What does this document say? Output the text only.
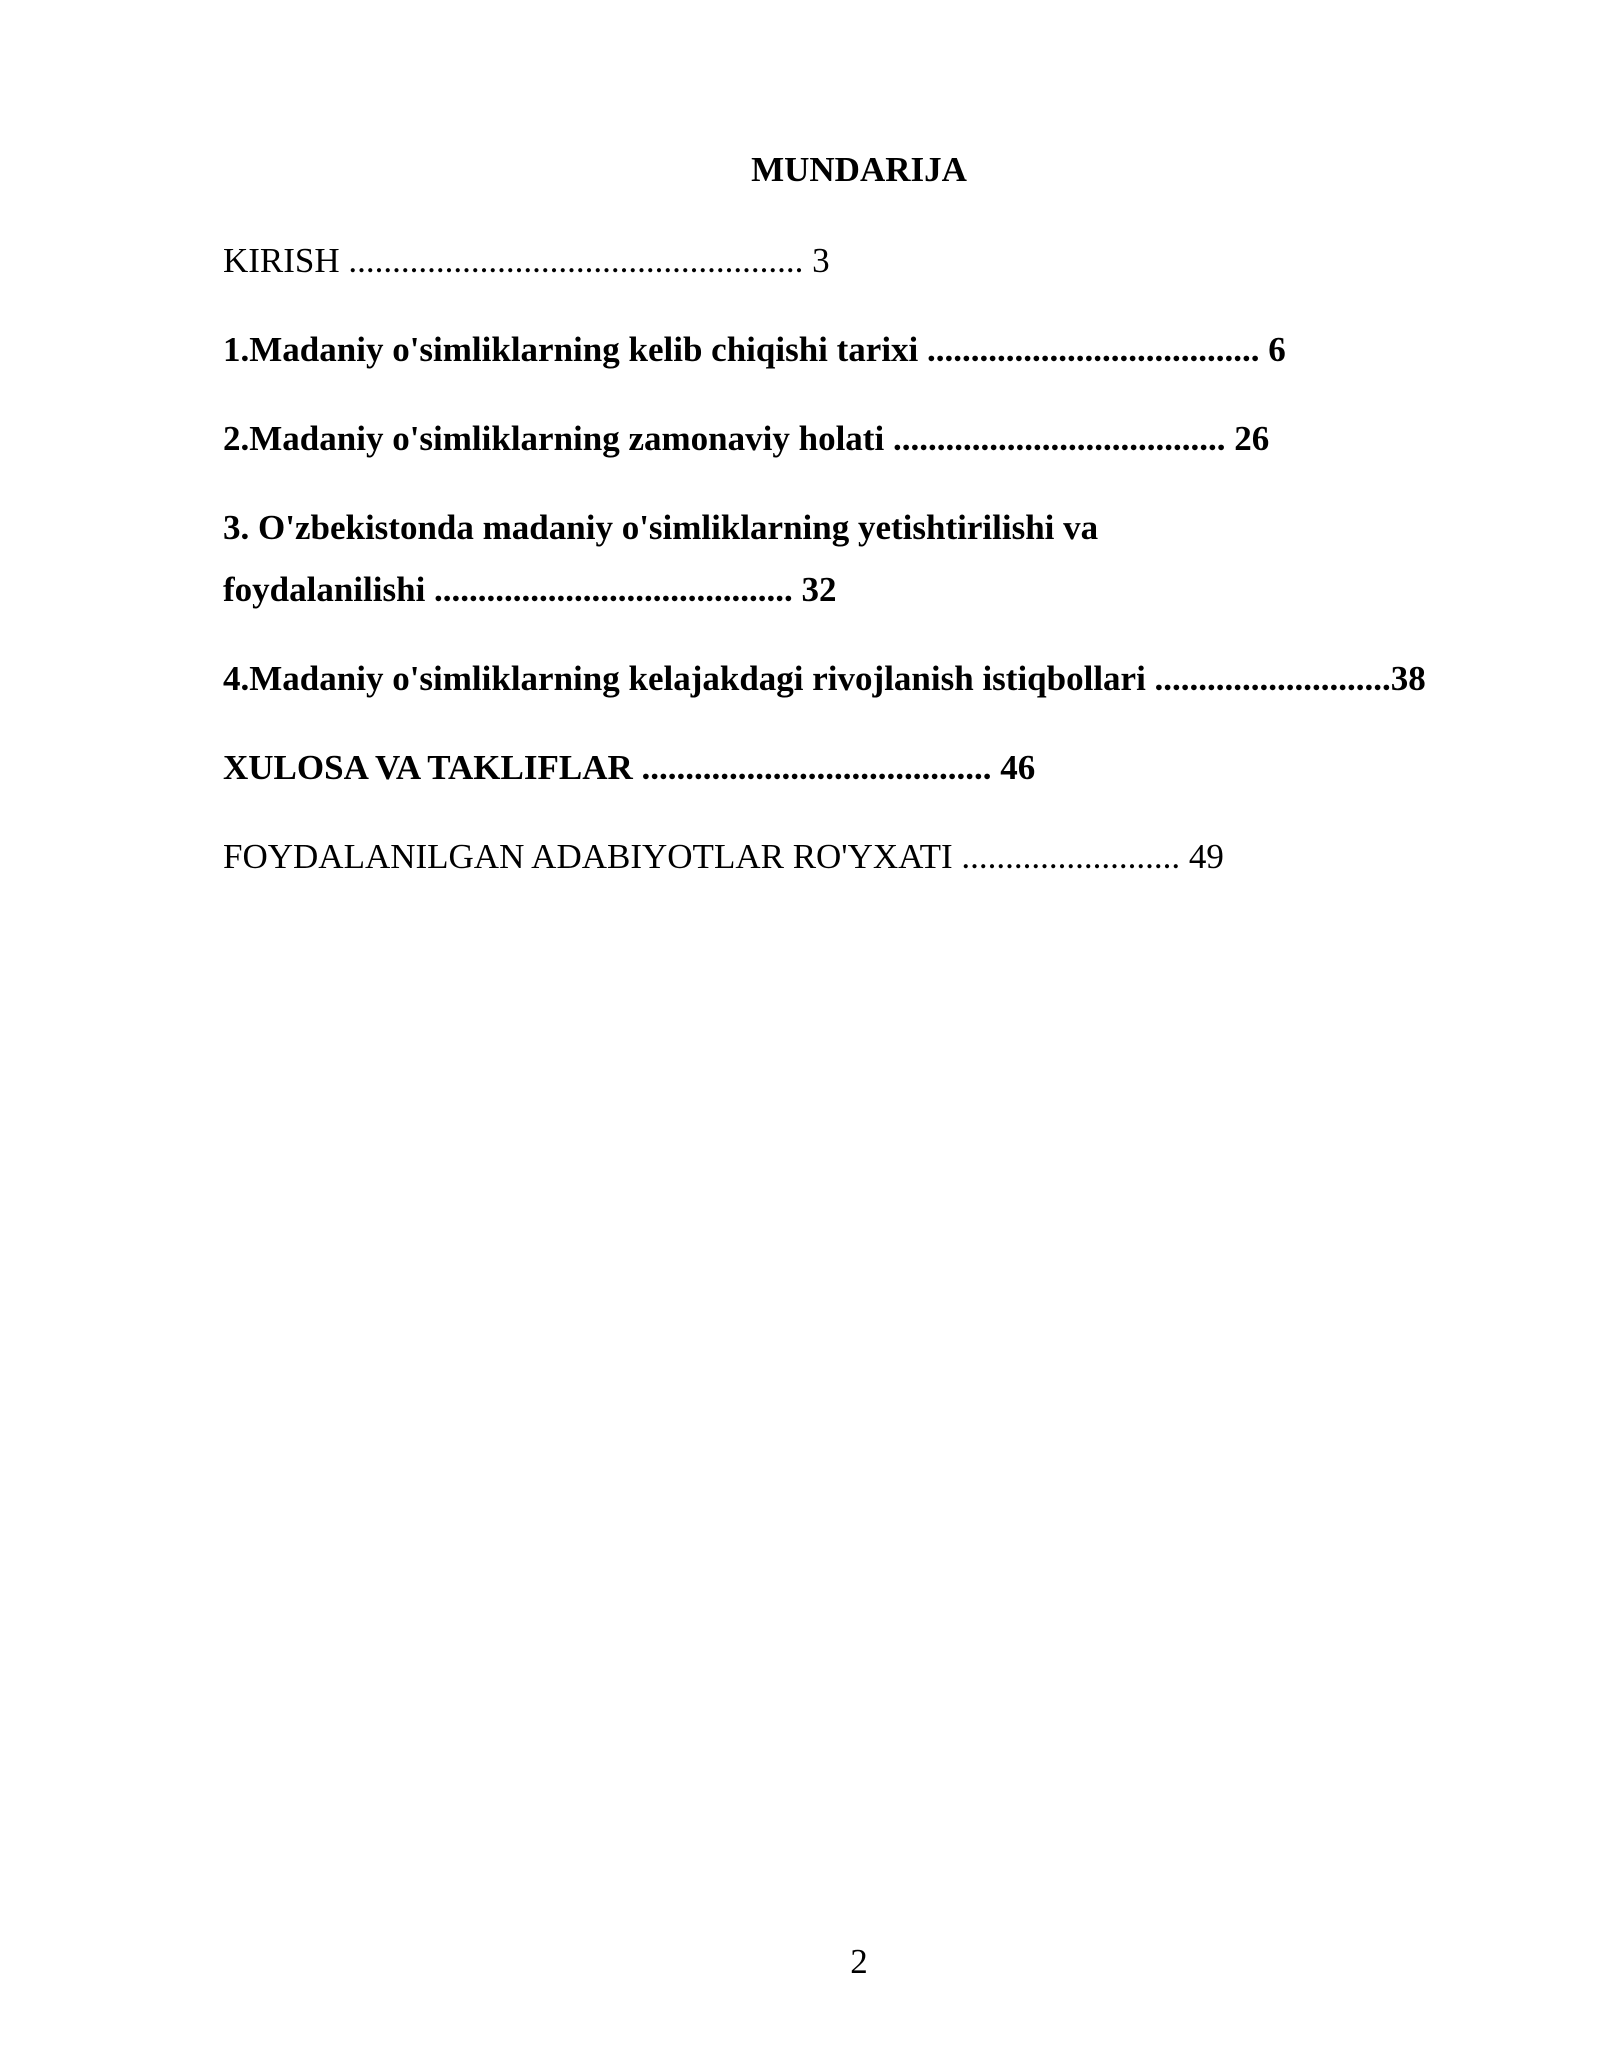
MUNDARIJA
KIRISH .................................................... 3
1.Madaniy o'simliklarning kelib chiqishi tarixi ...................................... 6
2.Madaniy o'simliklarning zamonaviy holati ...................................... 26
3. O'zbekistonda madaniy o'simliklarning yetishtirilishi va
foydalanilishi ......................................... 32
4.Madaniy o'simliklarning kelajakdagi rivojlanish istiqbollari ...........................38
XULOSA VA TAKLIFLAR ........................................ 46
FOYDALANILGAN ADABIYOTLAR RO'YXATI ......................... 49
2
